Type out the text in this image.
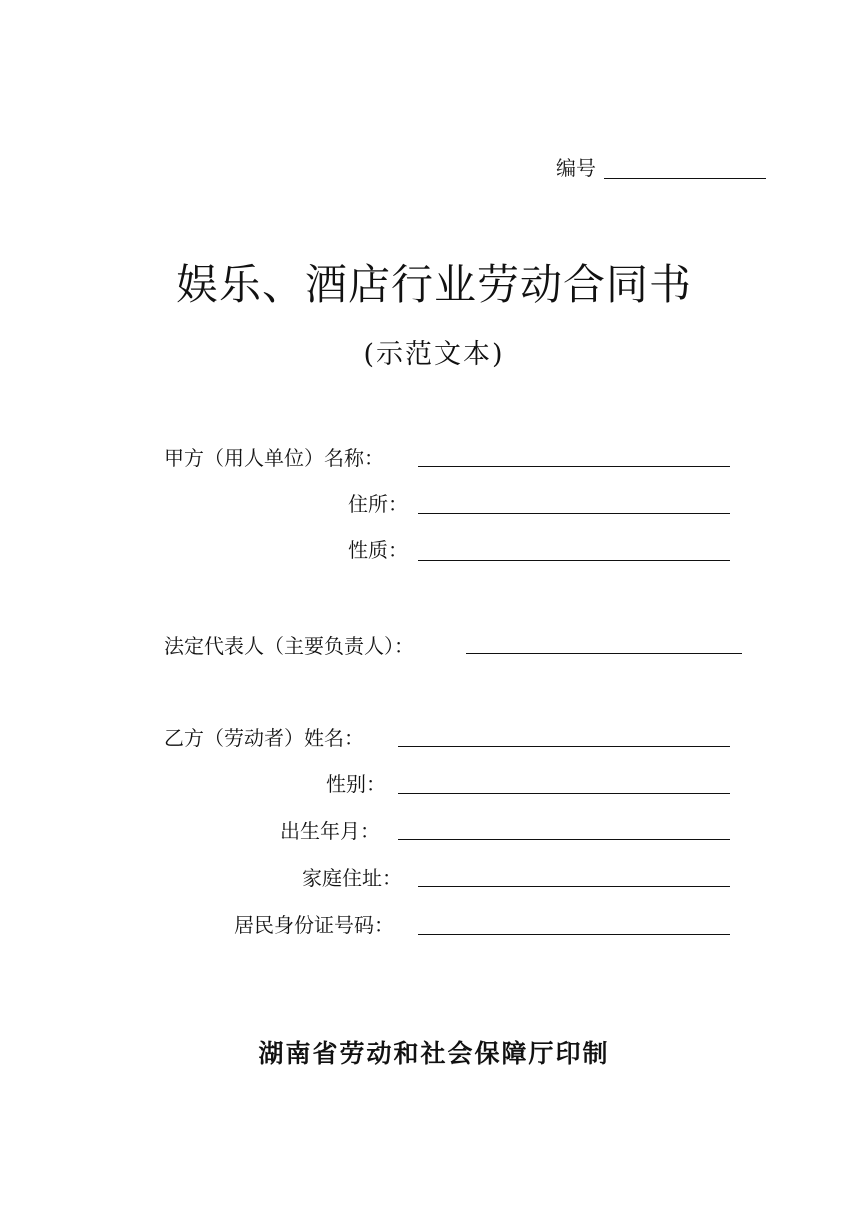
编号
娱乐、酒店行业劳动合同书
(示范文本)
甲方（用人单位）名称：
住所：
性质：
法定代表人（主要负责人）：
乙方（劳动者）姓名：
性别：
出生年月：
家庭住址：
居民身份证号码：
湖南省劳动和社会保障厅印制
